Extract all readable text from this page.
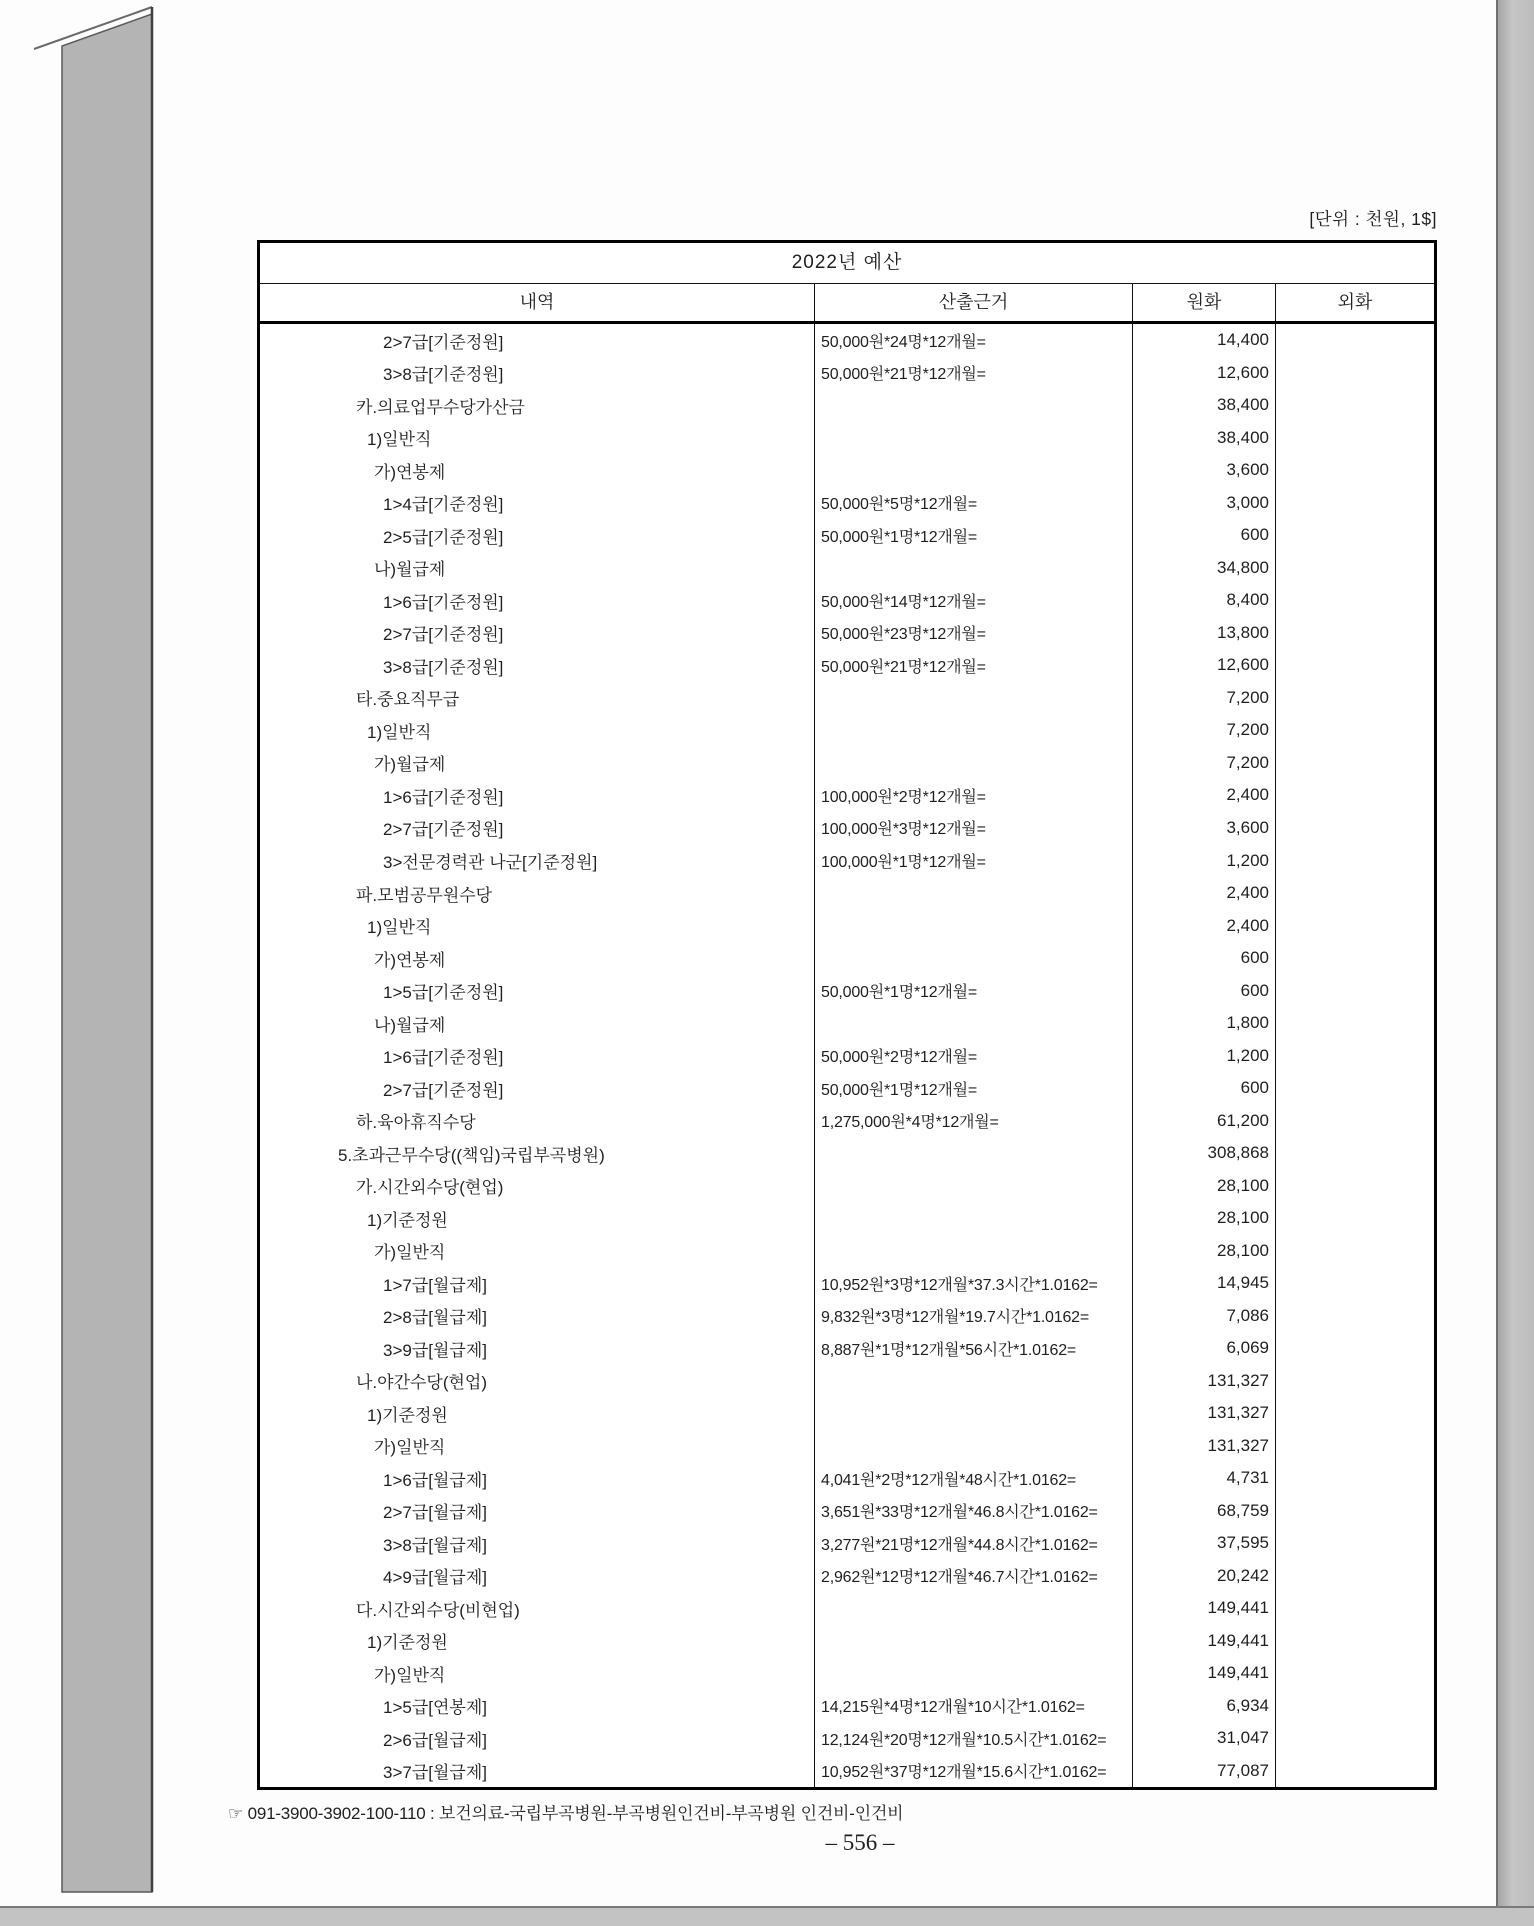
[단위 : 천원, 1$]
2022년 예산
내역	산출근거	원화	외화
2>7급[기준정원]	50,000원*24명*12개월=	14,400
3>8급[기준정원]	50,000원*21명*12개월=	12,600
카.의료업무수당가산금	38,400
1)일반직	38,400
가)연봉제	3,600
1>4급[기준정원]	50,000원*5명*12개월=	3,000
2>5급[기준정원]	50,000원*1명*12개월=	600
나)월급제	34,800
1>6급[기준정원]	50,000원*14명*12개월=	8,400
2>7급[기준정원]	50,000원*23명*12개월=	13,800
3>8급[기준정원]	50,000원*21명*12개월=	12,600
타.중요직무급	7,200
1)일반직	7,200
가)월급제	7,200
1>6급[기준정원]	100,000원*2명*12개월=	2,400
2>7급[기준정원]	100,000원*3명*12개월=	3,600
3>전문경력관 나군[기준정원]	100,000원*1명*12개월=	1,200
파.모범공무원수당	2,400
1)일반직	2,400
가)연봉제	600
1>5급[기준정원]	50,000원*1명*12개월=	600
나)월급제	1,800
1>6급[기준정원]	50,000원*2명*12개월=	1,200
2>7급[기준정원]	50,000원*1명*12개월=	600
하.육아휴직수당	1,275,000원*4명*12개월=	61,200
5.초과근무수당((책임)국립부곡병원)	308,868
가.시간외수당(현업)	28,100
1)기준정원	28,100
가)일반직	28,100
1>7급[월급제]	10,952원*3명*12개월*37.3시간*1.0162=	14,945
2>8급[월급제]	9,832원*3명*12개월*19.7시간*1.0162=	7,086
3>9급[월급제]	8,887원*1명*12개월*56시간*1.0162=	6,069
나.야간수당(현업)	131,327
1)기준정원	131,327
가)일반직	131,327
1>6급[월급제]	4,041원*2명*12개월*48시간*1.0162=	4,731
2>7급[월급제]	3,651원*33명*12개월*46.8시간*1.0162=	68,759
3>8급[월급제]	3,277원*21명*12개월*44.8시간*1.0162=	37,595
4>9급[월급제]	2,962원*12명*12개월*46.7시간*1.0162=	20,242
다.시간외수당(비현업)	149,441
1)기준정원	149,441
가)일반직	149,441
1>5급[연봉제]	14,215원*4명*12개월*10시간*1.0162=	6,934
2>6급[월급제]	12,124원*20명*12개월*10.5시간*1.0162=	31,047
3>7급[월급제]	10,952원*37명*12개월*15.6시간*1.0162=	77,087
☞ 091-3900-3902-100-110 : 보건의료-국립부곡병원-부곡병원인건비-부곡병원 인건비-인건비
– 556 –
